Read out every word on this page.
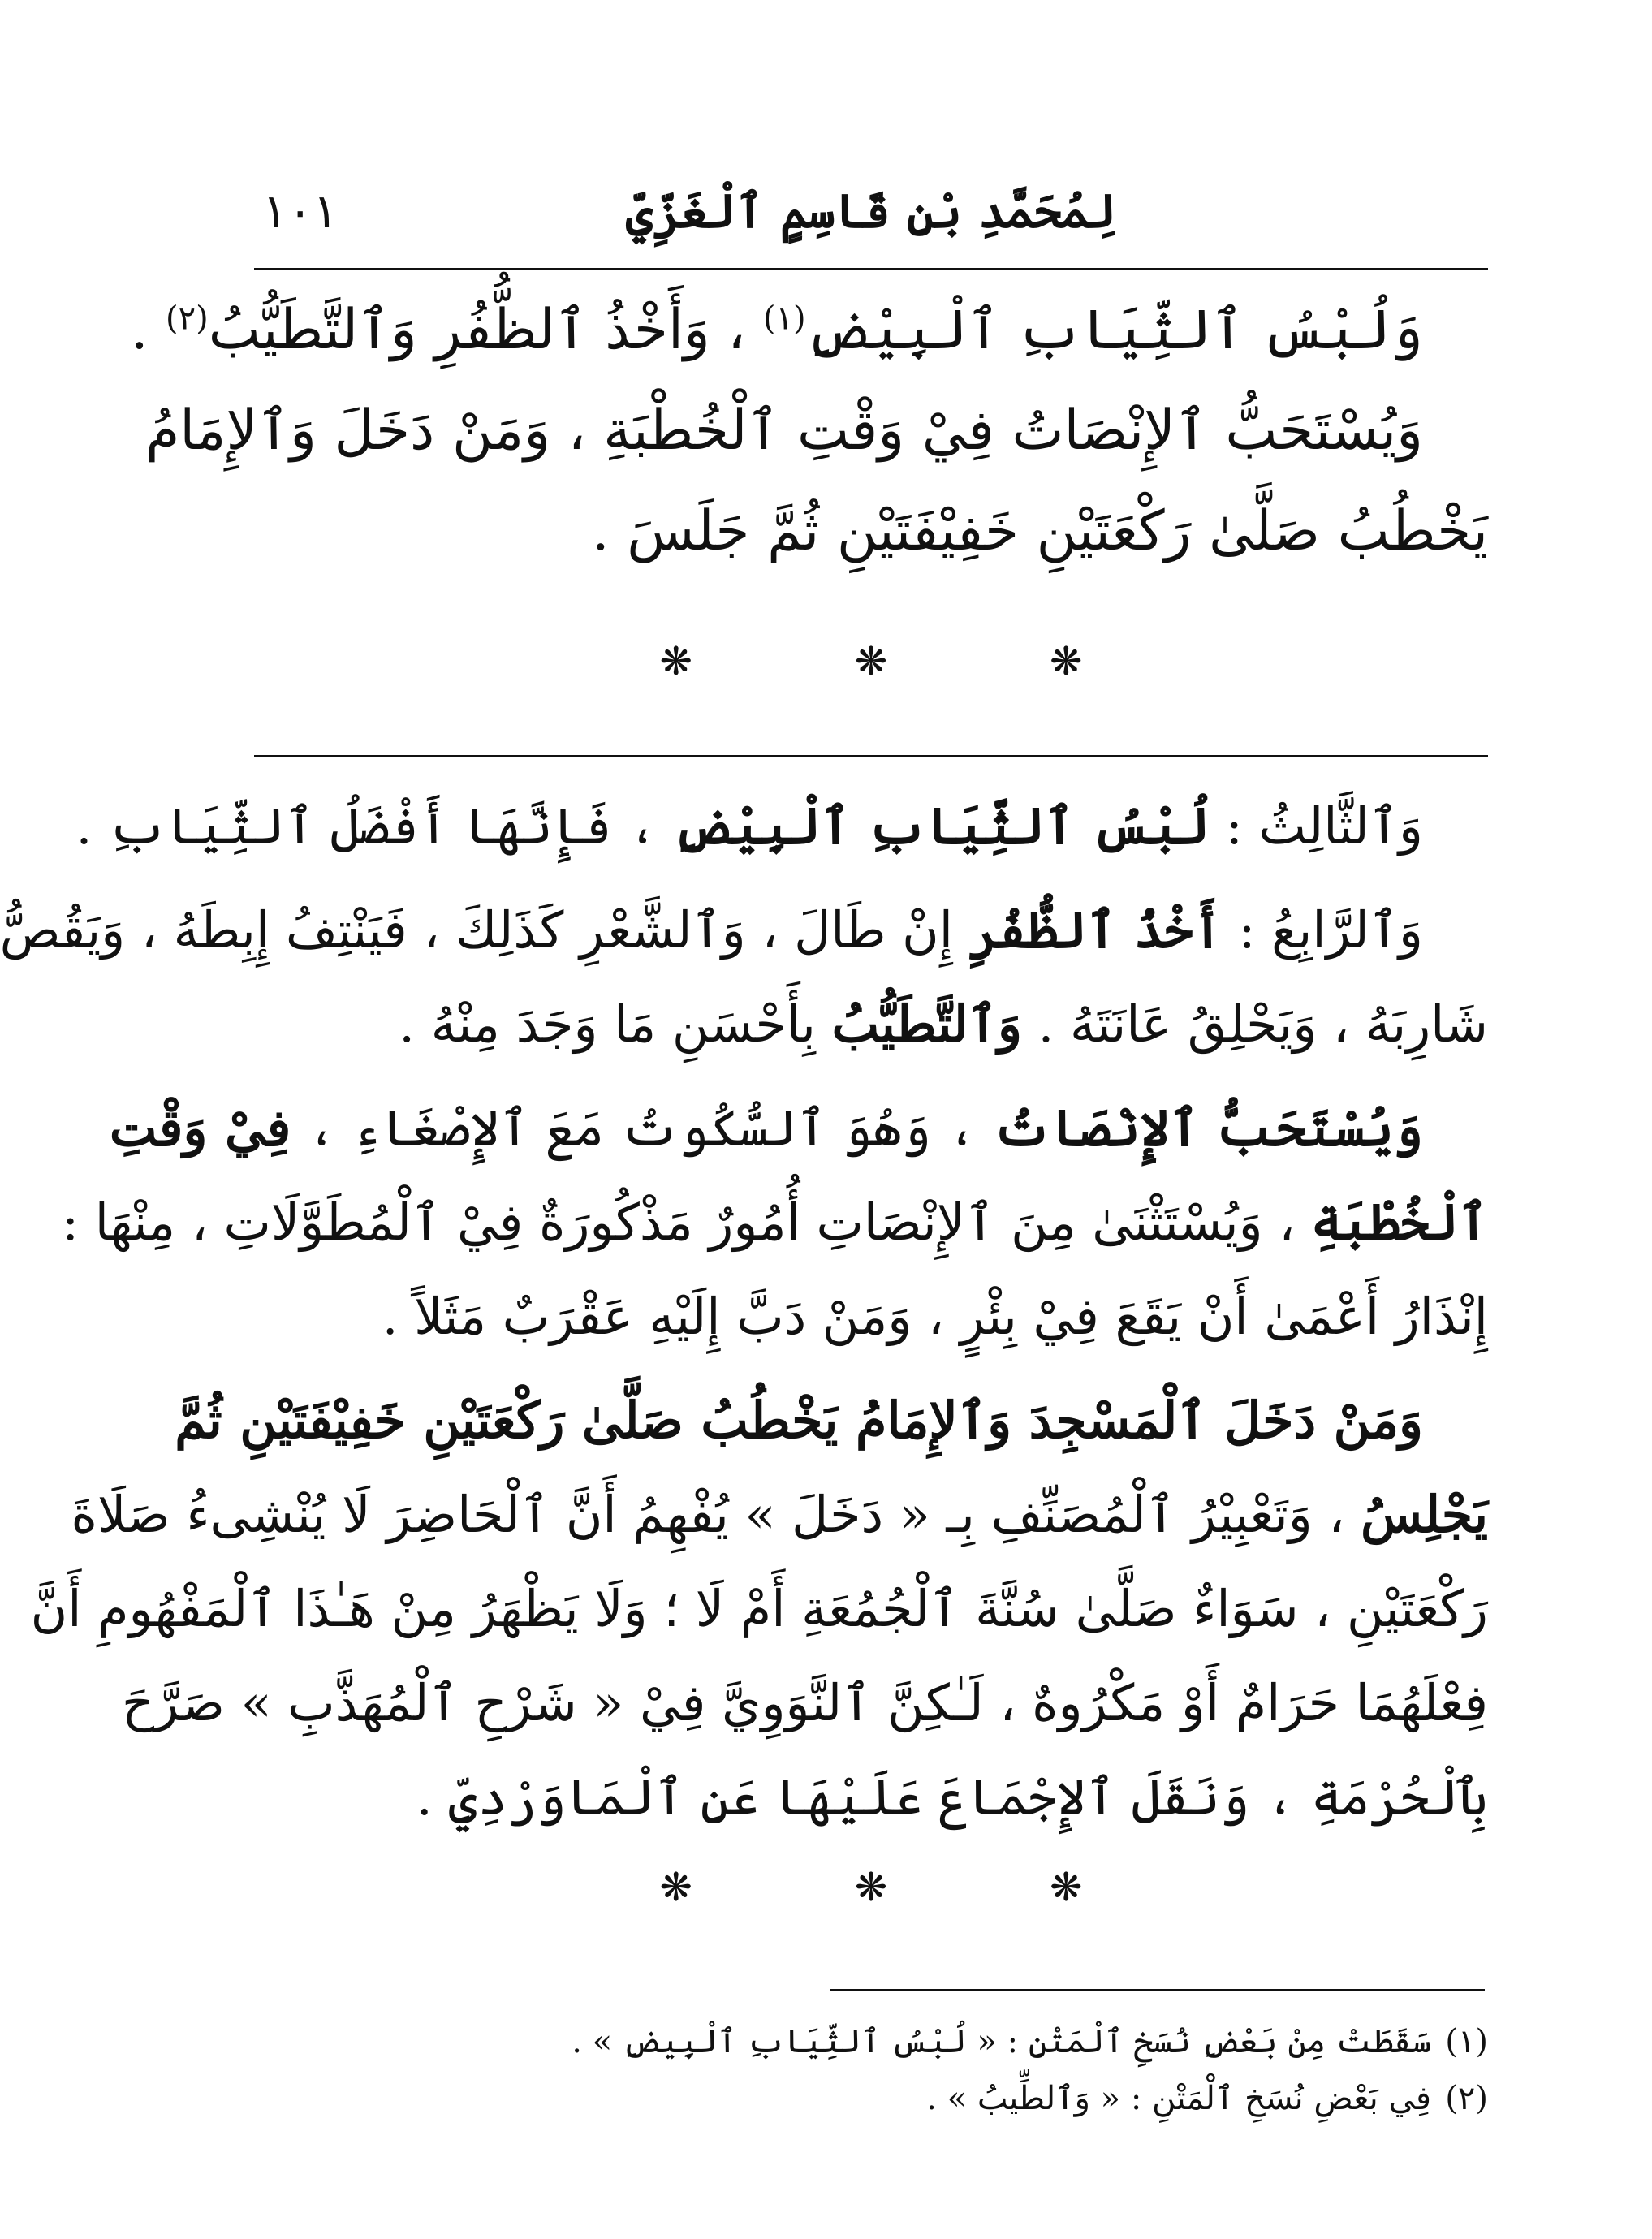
لِمُحَمَّدِ بْنِ قَاسِمٍ ٱلْغَزِّيِّ
١٠١
وَلُبْسُ ٱلثِّيَابِ ٱلْبِيْضِ$^{(١)}$ ، وَأَخْذُ ٱلظُّفُرِ وَٱلتَّطَيُّبُ$^{(٢)}$ .
وَيُسْتَحَبُّ ٱلإِنْصَاتُ فِيْ وَقْتِ ٱلْخُطْبَةِ ، وَمَنْ دَخَلَ وَٱلإِمَامُ
يَخْطُبُ صَلَّىٰ رَكْعَتَيْنِ خَفِيْفَتَيْنِ ثُمَّ جَلَسَ .
❋
❋
❋
وَٱلثَّالِثُ : لُبْسُ ٱلثِّيَابِ ٱلْبِيْضِ ، فَإِنَّهَا أَفْضَلُ ٱلثِّيَابِ .
وَٱلرَّابِعُ : أَخْذُ ٱلظُّفُرِ إِنْ طَالَ ، وَٱلشَّعْرِ كَذَلِكَ ، فَيَنْتِفُ إِبِطَهُ ، وَيَقُصُّ
شَارِبَهُ ، وَيَحْلِقُ عَانَتَهُ . وَٱلتَّطَيُّبُ بِأَحْسَنِ مَا وَجَدَ مِنْهُ .
وَيُسْتَحَبُّ ٱلإِنْصَاتُ ، وَهُوَ ٱلسُّكُوتُ مَعَ ٱلإِصْغَاءِ ، فِيْ وَقْتِ
ٱلْخُطْبَةِ ، وَيُسْتَثْنَىٰ مِنَ ٱلإِنْصَاتِ أُمُورٌ مَذْكُورَةٌ فِيْ ٱلْمُطَوَّلَاتِ ، مِنْهَا :
إِنْذَارُ أَعْمَىٰ أَنْ يَقَعَ فِيْ بِئْرٍ ، وَمَنْ دَبَّ إِلَيْهِ عَقْرَبٌ مَثَلاً .
وَمَنْ دَخَلَ ٱلْمَسْجِدَ وَٱلإِمَامُ يَخْطُبُ صَلَّىٰ رَكْعَتَيْنِ خَفِيْفَتَيْنِ ثُمَّ
يَجْلِسُ ، وَتَعْبِيْرُ ٱلْمُصَنِّفِ بِـ « دَخَلَ » يُفْهِمُ أَنَّ ٱلْحَاضِرَ لَا يُنْشِىءُ صَلَاةَ
رَكْعَتَيْنِ ، سَوَاءٌ صَلَّىٰ سُنَّةَ ٱلْجُمُعَةِ أَمْ لَا ؛ وَلَا يَظْهَرُ مِنْ هَـٰذَا ٱلْمَفْهُومِ أَنَّ
فِعْلَهُمَا حَرَامٌ أَوْ مَكْرُوهٌ ، لَـٰكِنَّ ٱلنَّوَوِيَّ فِيْ « شَرْحِ ٱلْمُهَذَّبِ » صَرَّحَ
بِٱلْحُرْمَةِ ، وَنَقَلَ ٱلإِجْمَاعَ عَلَيْهَا عَنِ ٱلْمَاوَرْدِيِّ .
❋
❋
❋
(١)سَقَطَتْ مِنْ بَعْضِ نُسَخِ ٱلْمَتْنِ : « لُبْسُ ٱلثِّيَابِ ٱلْبِيضِ » .
(٢)فِي بَعْضِ نُسَخِ ٱلْمَتْنِ : « وَٱلطِّيبُ » .
